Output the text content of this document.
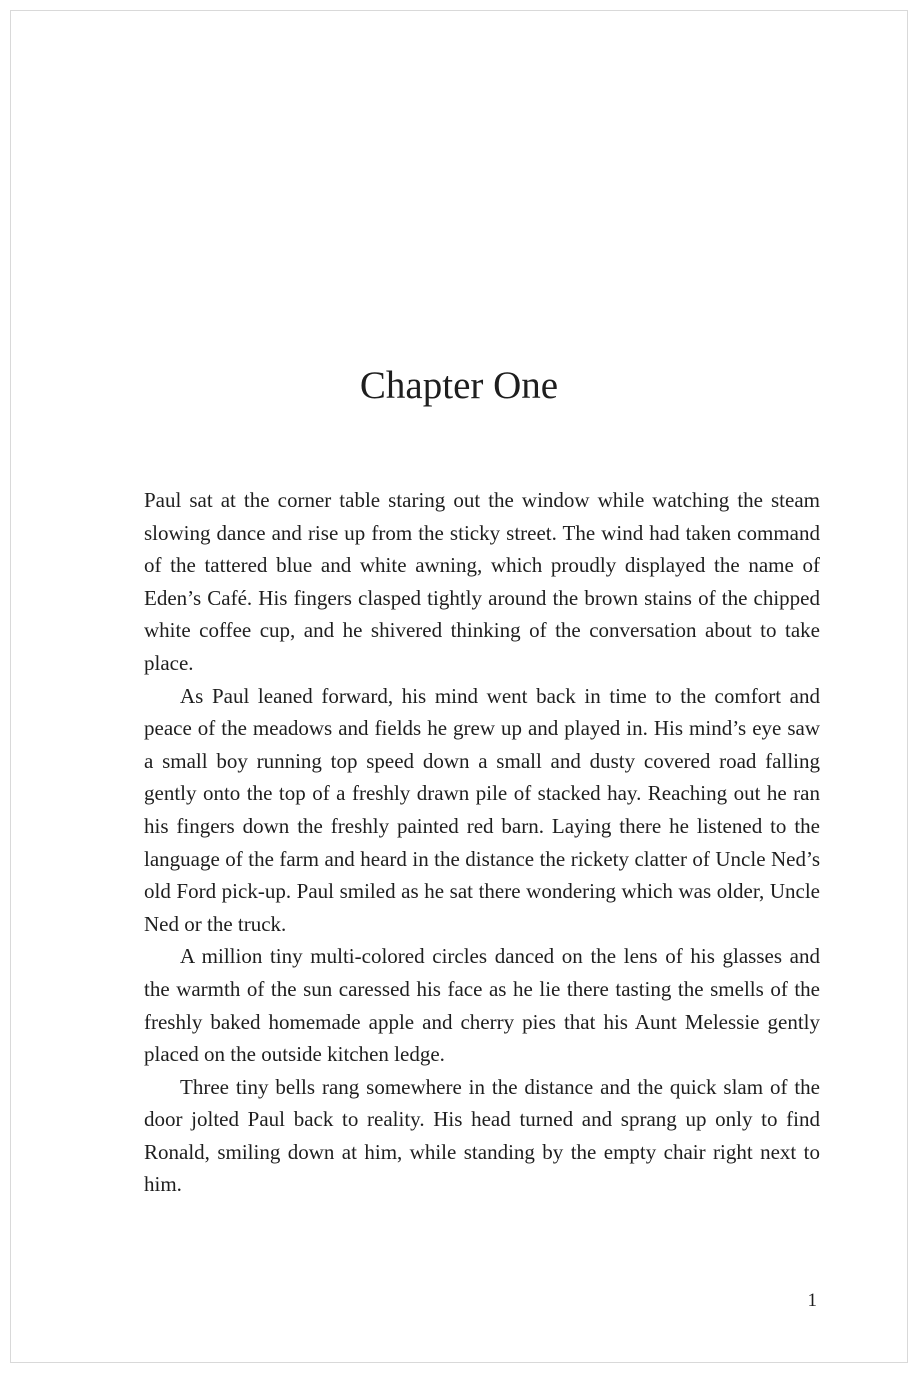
Chapter One

Paul sat at the corner table staring out the window while watching the steam slowing dance and rise up from the sticky street. The wind had taken command of the tattered blue and white awning, which proudly displayed the name of Eden’s Café. His fingers clasped tightly around the brown stains of the chipped white coffee cup, and he shivered thinking of the conversation about to take place.

As Paul leaned forward, his mind went back in time to the comfort and peace of the meadows and fields he grew up and played in. His mind’s eye saw a small boy running top speed down a small and dusty covered road falling gently onto the top of a freshly drawn pile of stacked hay. Reaching out he ran his fingers down the freshly painted red barn. Laying there he listened to the language of the farm and heard in the distance the rickety clatter of Uncle Ned’s old Ford pick-up. Paul smiled as he sat there wondering which was older, Uncle Ned or the truck.

A million tiny multi-colored circles danced on the lens of his glasses and the warmth of the sun caressed his face as he lie there tasting the smells of the freshly baked homemade apple and cherry pies that his Aunt Melessie gently placed on the outside kitchen ledge.

Three tiny bells rang somewhere in the distance and the quick slam of the door jolted Paul back to reality. His head turned and sprang up only to find Ronald, smiling down at him, while standing by the empty chair right next to him.

1
